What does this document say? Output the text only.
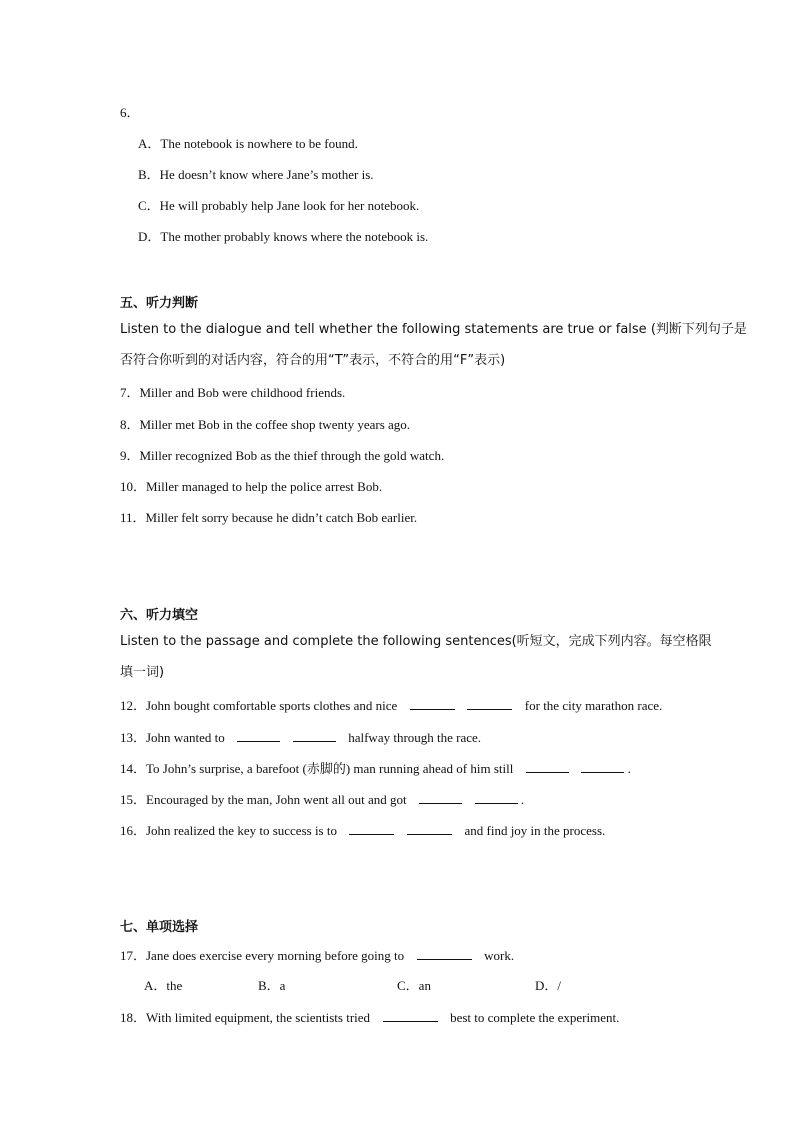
6．
A．The notebook is nowhere to be found.
B．He doesn’t know where Jane’s mother is.
C．He will probably help Jane look for her notebook.
D．The mother probably knows where the notebook is.
五、听力判断
Listen to the dialogue and tell whether the following statements are true or false (判断下列句子是
否符合你听到的对话内容，符合的用“T”表示，不符合的用“F”表示)
7．Miller and Bob were childhood friends.
8．Miller met Bob in the coffee shop twenty years ago.
9．Miller recognized Bob as the thief through the gold watch.
10．Miller managed to help the police arrest Bob.
11．Miller felt sorry because he didn’t catch Bob earlier.
六、听力填空
Listen to the passage and complete the following sentences(听短文，完成下列内容。每空格限
填一词)
12．John bought comfortable sports clothes and nice	for the city marathon race.
13．John wanted to	halfway through the race.
14．To John’s surprise, a barefoot (赤脚的) man running ahead of him still	.
15．Encouraged by the man, John went all out and got	.
16．John realized the key to success is to	and find joy in the process.
七、单项选择
17．Jane does exercise every morning before going to	work.
A．the	B．a	C．an	D．/
18．With limited equipment, the scientists tried	best to complete the experiment.
